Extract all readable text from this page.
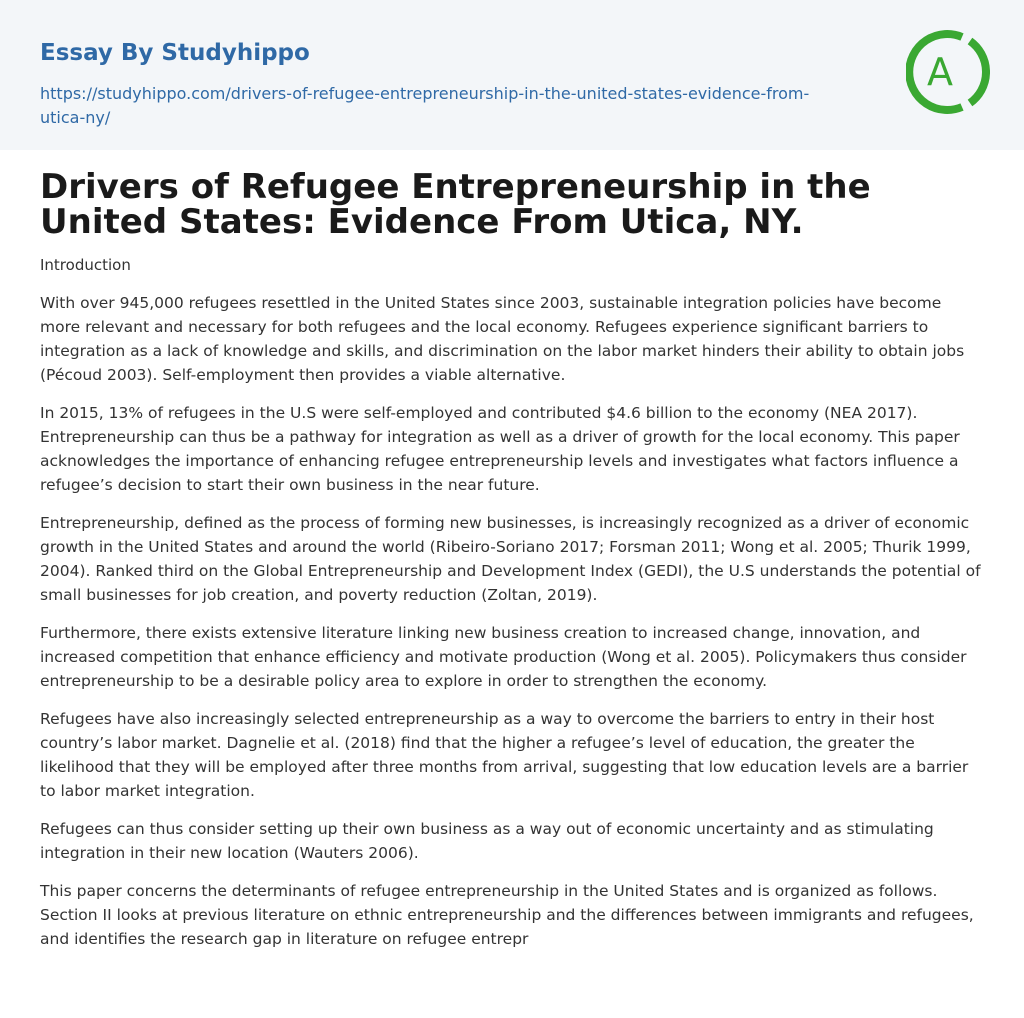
Essay By Studyhippo
https://studyhippo.com/drivers-of-refugee-entrepreneurship-in-the-united-states-evidence-from-utica-ny/
A
Drivers of Refugee Entrepreneurship in the United States: Evidence From Utica, NY.

Introduction

With over 945,000 refugees resettled in the United States since 2003, sustainable integration policies have become more relevant and necessary for both refugees and the local economy. Refugees experience significant barriers to integration as a lack of knowledge and skills, and discrimination on the labor market hinders their ability to obtain jobs (Pécoud 2003). Self-employment then provides a viable alternative.

In 2015, 13% of refugees in the U.S were self-employed and contributed $4.6 billion to the economy (NEA 2017). Entrepreneurship can thus be a pathway for integration as well as a driver of growth for the local economy. This paper acknowledges the importance of enhancing refugee entrepreneurship levels and investigates what factors influence a refugee’s decision to start their own business in the near future.

Entrepreneurship, defined as the process of forming new businesses, is increasingly recognized as a driver of economic growth in the United States and around the world (Ribeiro-Soriano 2017; Forsman 2011; Wong et al. 2005; Thurik 1999, 2004). Ranked third on the Global Entrepreneurship and Development Index (GEDI), the U.S understands the potential of small businesses for job creation, and poverty reduction (Zoltan, 2019).

Furthermore, there exists extensive literature linking new business creation to increased change, innovation, and increased competition that enhance efficiency and motivate production (Wong et al. 2005). Policymakers thus consider entrepreneurship to be a desirable policy area to explore in order to strengthen the economy.

Refugees have also increasingly selected entrepreneurship as a way to overcome the barriers to entry in their host country’s labor market. Dagnelie et al. (2018) find that the higher a refugee’s level of education, the greater the likelihood that they will be employed after three months from arrival, suggesting that low education levels are a barrier to labor market integration.

Refugees can thus consider setting up their own business as a way out of economic uncertainty and as stimulating integration in their new location (Wauters 2006).

This paper concerns the determinants of refugee entrepreneurship in the United States and is organized as follows. Section II looks at previous literature on ethnic entrepreneurship and the differences between immigrants and refugees, and identifies the research gap in literature on refugee entrepr
